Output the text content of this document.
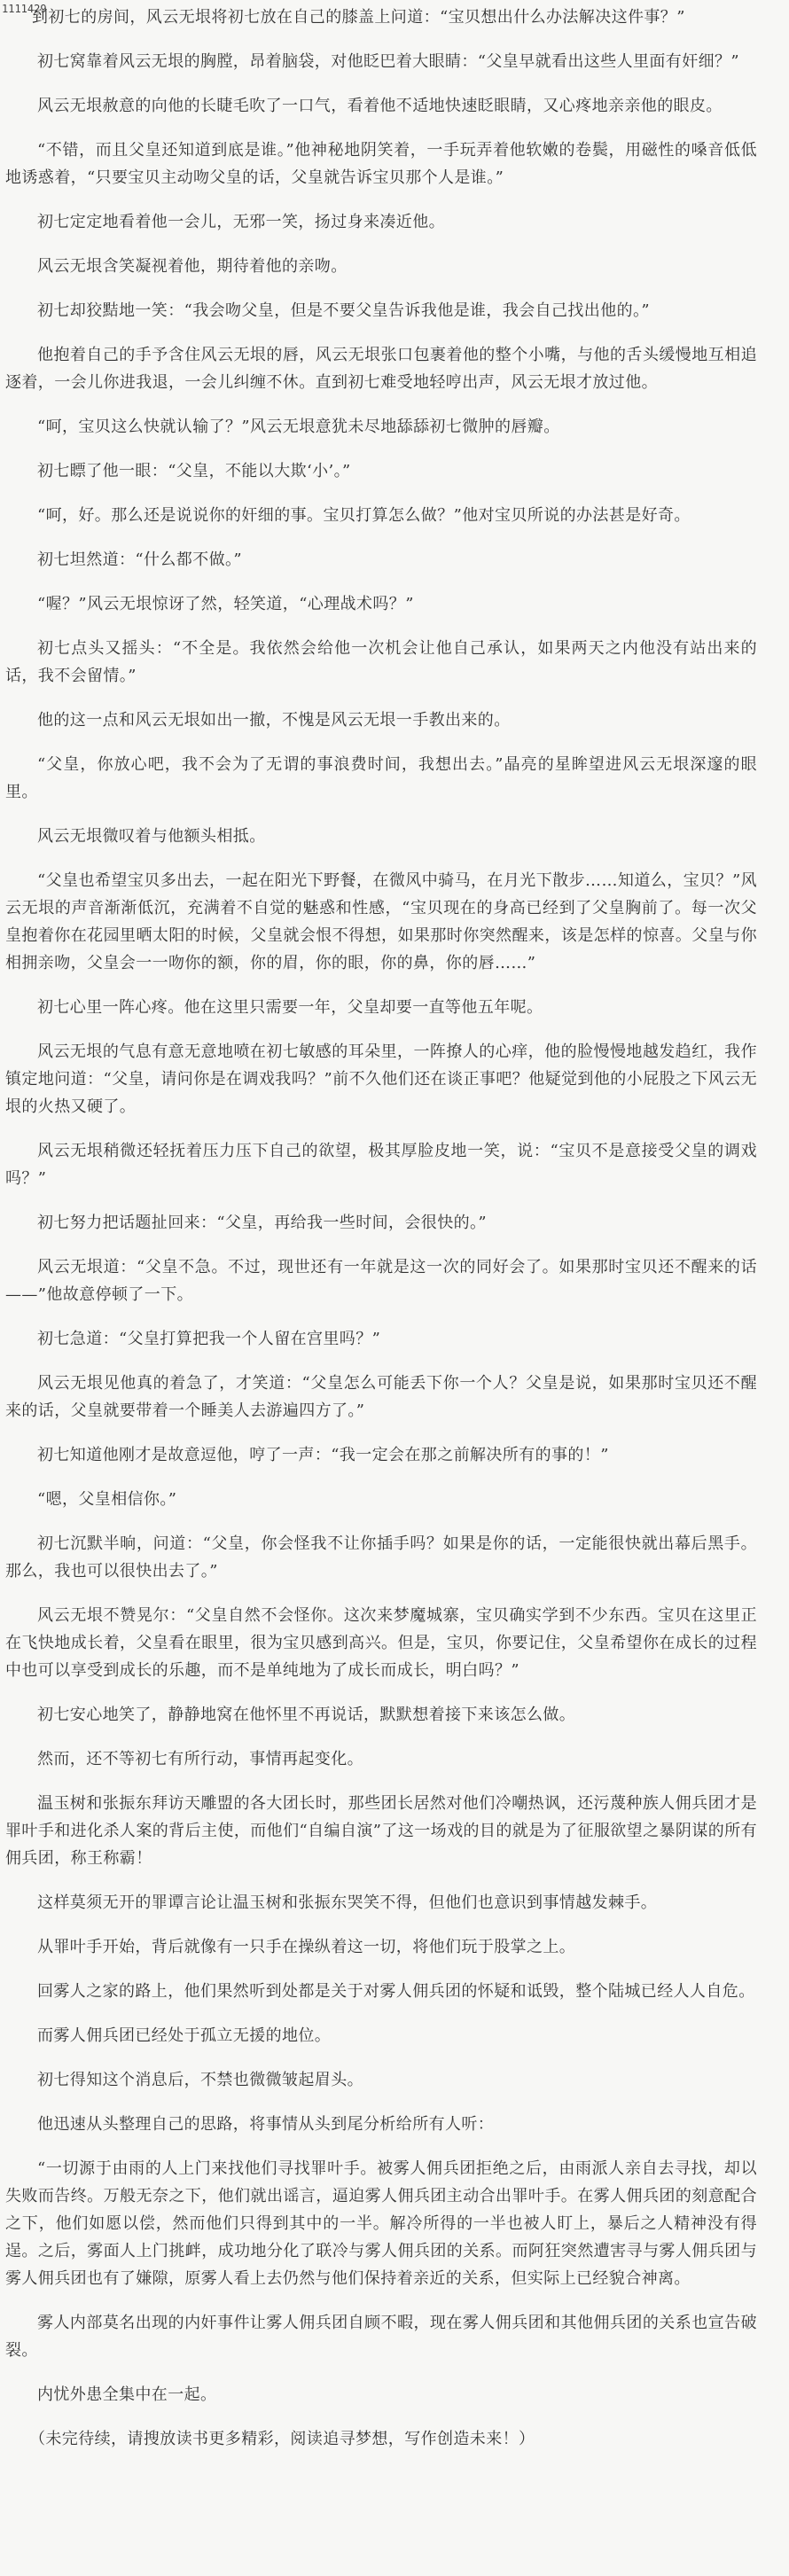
1111429

到初七的房间，风云无垠将初七放在自己的膝盖上问道：“宝贝想出什么办法解决这件事？”

初七窝靠着风云无垠的胸膛，昂着脑袋，对他眨巴着大眼睛：“父皇早就看出这些人里面有奸细？”

风云无垠赦意的向他的长睫毛吹了一口气，看着他不适地快速眨眼睛，又心疼地亲亲他的眼皮。

“不错，而且父皇还知道到底是谁。”他神秘地阴笑着，一手玩弄着他软嫩的卷鬓，用磁性的嗓音低低地诱惑着，“只要宝贝主动吻父皇的话，父皇就告诉宝贝那个人是谁。”

初七定定地看着他一会儿，无邪一笑，扬过身来凑近他。

风云无垠含笑凝视着他，期待着他的亲吻。

初七却狡黠地一笑：“我会吻父皇，但是不要父皇告诉我他是谁，我会自己找出他的。”

他抱着自己的手予含住风云无垠的唇，风云无垠张口包裹着他的整个小嘴，与他的舌头缓慢地互相追逐着，一会儿你进我退，一会儿纠缠不休。直到初七难受地轻哼出声，风云无垠才放过他。

“呵，宝贝这么快就认输了？”风云无垠意犹未尽地舔舔初七微肿的唇瓣。

初七瞟了他一眼：“父皇，不能以大欺‘小’。”

“呵，好。那么还是说说你的奸细的事。宝贝打算怎么做？”他对宝贝所说的办法甚是好奇。

初七坦然道：“什么都不做。”

“喔？”风云无垠惊讶了然，轻笑道，“心理战术吗？”

初七点头又摇头：“不全是。我依然会给他一次机会让他自己承认，如果两天之内他没有站出来的话，我不会留情。”

他的这一点和风云无垠如出一撤，不愧是风云无垠一手教出来的。

“父皇，你放心吧，我不会为了无谓的事浪费时间，我想出去。”晶亮的星眸望进风云无垠深邃的眼里。

风云无垠微叹着与他额头相抵。

“父皇也希望宝贝多出去，一起在阳光下野餐，在微风中骑马，在月光下散步……知道么，宝贝？”风云无垠的声音渐渐低沉，充满着不自觉的魅惑和性感，“宝贝现在的身高已经到了父皇胸前了。每一次父皇抱着你在花园里晒太阳的时候，父皇就会恨不得想，如果那时你突然醒来，该是怎样的惊喜。父皇与你相拥亲吻，父皇会一一吻你的额，你的眉，你的眼，你的鼻，你的唇……”

初七心里一阵心疼。他在这里只需要一年，父皇却要一直等他五年呢。

风云无垠的气息有意无意地喷在初七敏感的耳朵里，一阵撩人的心痒，他的脸慢慢地越发趋红，我作镇定地问道：“父皇，请问你是在调戏我吗？”前不久他们还在谈正事吧？他疑觉到他的小屁股之下风云无垠的火热又硬了。

风云无垠稍微还轻抚着压力压下自己的欲望，极其厚脸皮地一笑，说：“宝贝不是意接受父皇的调戏吗？”

初七努力把话题扯回来：“父皇，再给我一些时间，会很快的。”

风云无垠道：“父皇不急。不过，现世还有一年就是这一次的同好会了。如果那时宝贝还不醒来的话——”他故意停顿了一下。

初七急道：“父皇打算把我一个人留在宫里吗？”

风云无垠见他真的着急了，才笑道：“父皇怎么可能丢下你一个人？父皇是说，如果那时宝贝还不醒来的话，父皇就要带着一个睡美人去游遍四方了。”

初七知道他刚才是故意逗他，哼了一声：“我一定会在那之前解决所有的事的！”

“嗯，父皇相信你。”

初七沉默半晌，问道：“父皇，你会怪我不让你插手吗？如果是你的话，一定能很快就出幕后黑手。那么，我也可以很快出去了。”

风云无垠不赞晃尔：“父皇自然不会怪你。这次来梦魔城寨，宝贝确实学到不少东西。宝贝在这里正在飞快地成长着，父皇看在眼里，很为宝贝感到高兴。但是，宝贝，你要记住，父皇希望你在成长的过程中也可以享受到成长的乐趣，而不是单纯地为了成长而成长，明白吗？”

初七安心地笑了，静静地窝在他怀里不再说话，默默想着接下来该怎么做。

然而，还不等初七有所行动，事情再起变化。

温玉树和张振东拜访天雕盟的各大团长时，那些团长居然对他们冷嘲热讽，还污蔑种族人佣兵团才是罪叶手和进化杀人案的背后主使，而他们“自编自演”了这一场戏的目的就是为了征服欲望之暴阴谋的所有佣兵团，称王称霸！

这样莫须无开的罪谭言论让温玉树和张振东哭笑不得，但他们也意识到事情越发棘手。

从罪叶手开始，背后就像有一只手在操纵着这一切，将他们玩于股掌之上。

回雾人之家的路上，他们果然听到处都是关于对雾人佣兵团的怀疑和诋毁，整个陆城已经人人自危。

而雾人佣兵团已经处于孤立无援的地位。

初七得知这个消息后，不禁也微微皱起眉头。

他迅速从头整理自己的思路，将事情从头到尾分析给所有人听：

“一切源于由雨的人上门来找他们寻找罪叶手。被雾人佣兵团拒绝之后，由雨派人亲自去寻找，却以失败而告终。万般无奈之下，他们就出谣言，逼迫雾人佣兵团主动合出罪叶手。在雾人佣兵团的刻意配合之下，他们如愿以偿，然而他们只得到其中的一半。解冷所得的一半也被人盯上，暴后之人精神没有得逞。之后，雾面人上门挑衅，成功地分化了联冷与雾人佣兵团的关系。而阿狂突然遭害寻与雾人佣兵团与雾人佣兵团也有了嫌隙，原雾人看上去仍然与他们保持着亲近的关系，但实际上已经貌合神离。

雾人内部莫名出现的内奸事件让雾人佣兵团自顾不暇，现在雾人佣兵团和其他佣兵团的关系也宣告破裂。

内忧外患全集中在一起。

（未完待续，请搜放读书更多精彩，阅读追寻梦想，写作创造未来！）
